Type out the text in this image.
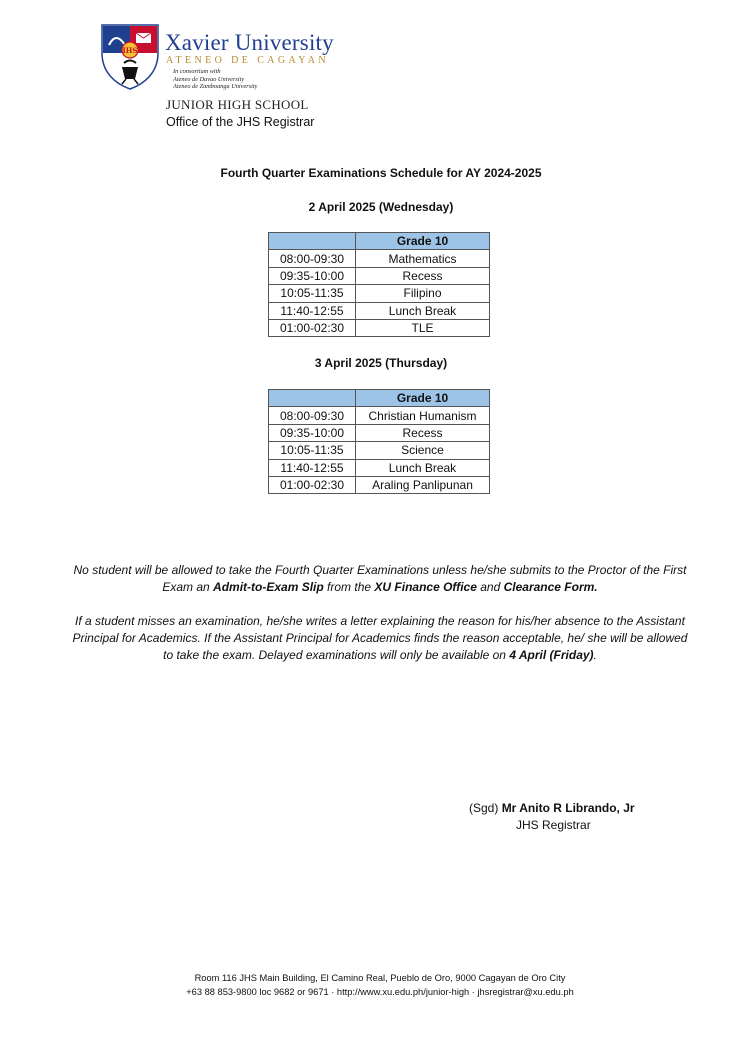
IHS Xavier University
ATENEO DE CAGAYAN
In consortium with
Ateneo de Davao University
Ateneo de Zamboanga University
JUNIOR HIGH SCHOOL
Office of the JHS Registrar
Fourth Quarter Examinations Schedule for AY 2024-2025
2 April 2025 (Wednesday)
	Grade 10
08:00-09:30	Mathematics
09:35-10:00	Recess
10:05-11:35	Filipino
11:40-12:55	Lunch Break
01:00-02:30	TLE
3 April 2025 (Thursday)
	Grade 10
08:00-09:30	Christian Humanism
09:35-10:00	Recess
10:05-11:35	Science
11:40-12:55	Lunch Break
01:00-02:30	Araling Panlipunan
No student will be allowed to take the Fourth Quarter Examinations unless he/she submits to the Proctor of the First Exam an Admit-to-Exam Slip from the XU Finance Office and Clearance Form.
If a student misses an examination, he/she writes a letter explaining the reason for his/her absence to the Assistant Principal for Academics. If the Assistant Principal for Academics finds the reason acceptable, he/ she will be allowed to take the exam. Delayed examinations will only be available on 4 April (Friday).
(Sgd) Mr Anito R Librando, Jr
JHS Registrar
Room 116 JHS Main Building, El Camino Real, Pueblo de Oro, 9000 Cagayan de Oro City
+63 88 853-9800 loc 9682 or 9671 · http://www.xu.edu.ph/junior-high · jhsregistrar@xu.edu.ph
